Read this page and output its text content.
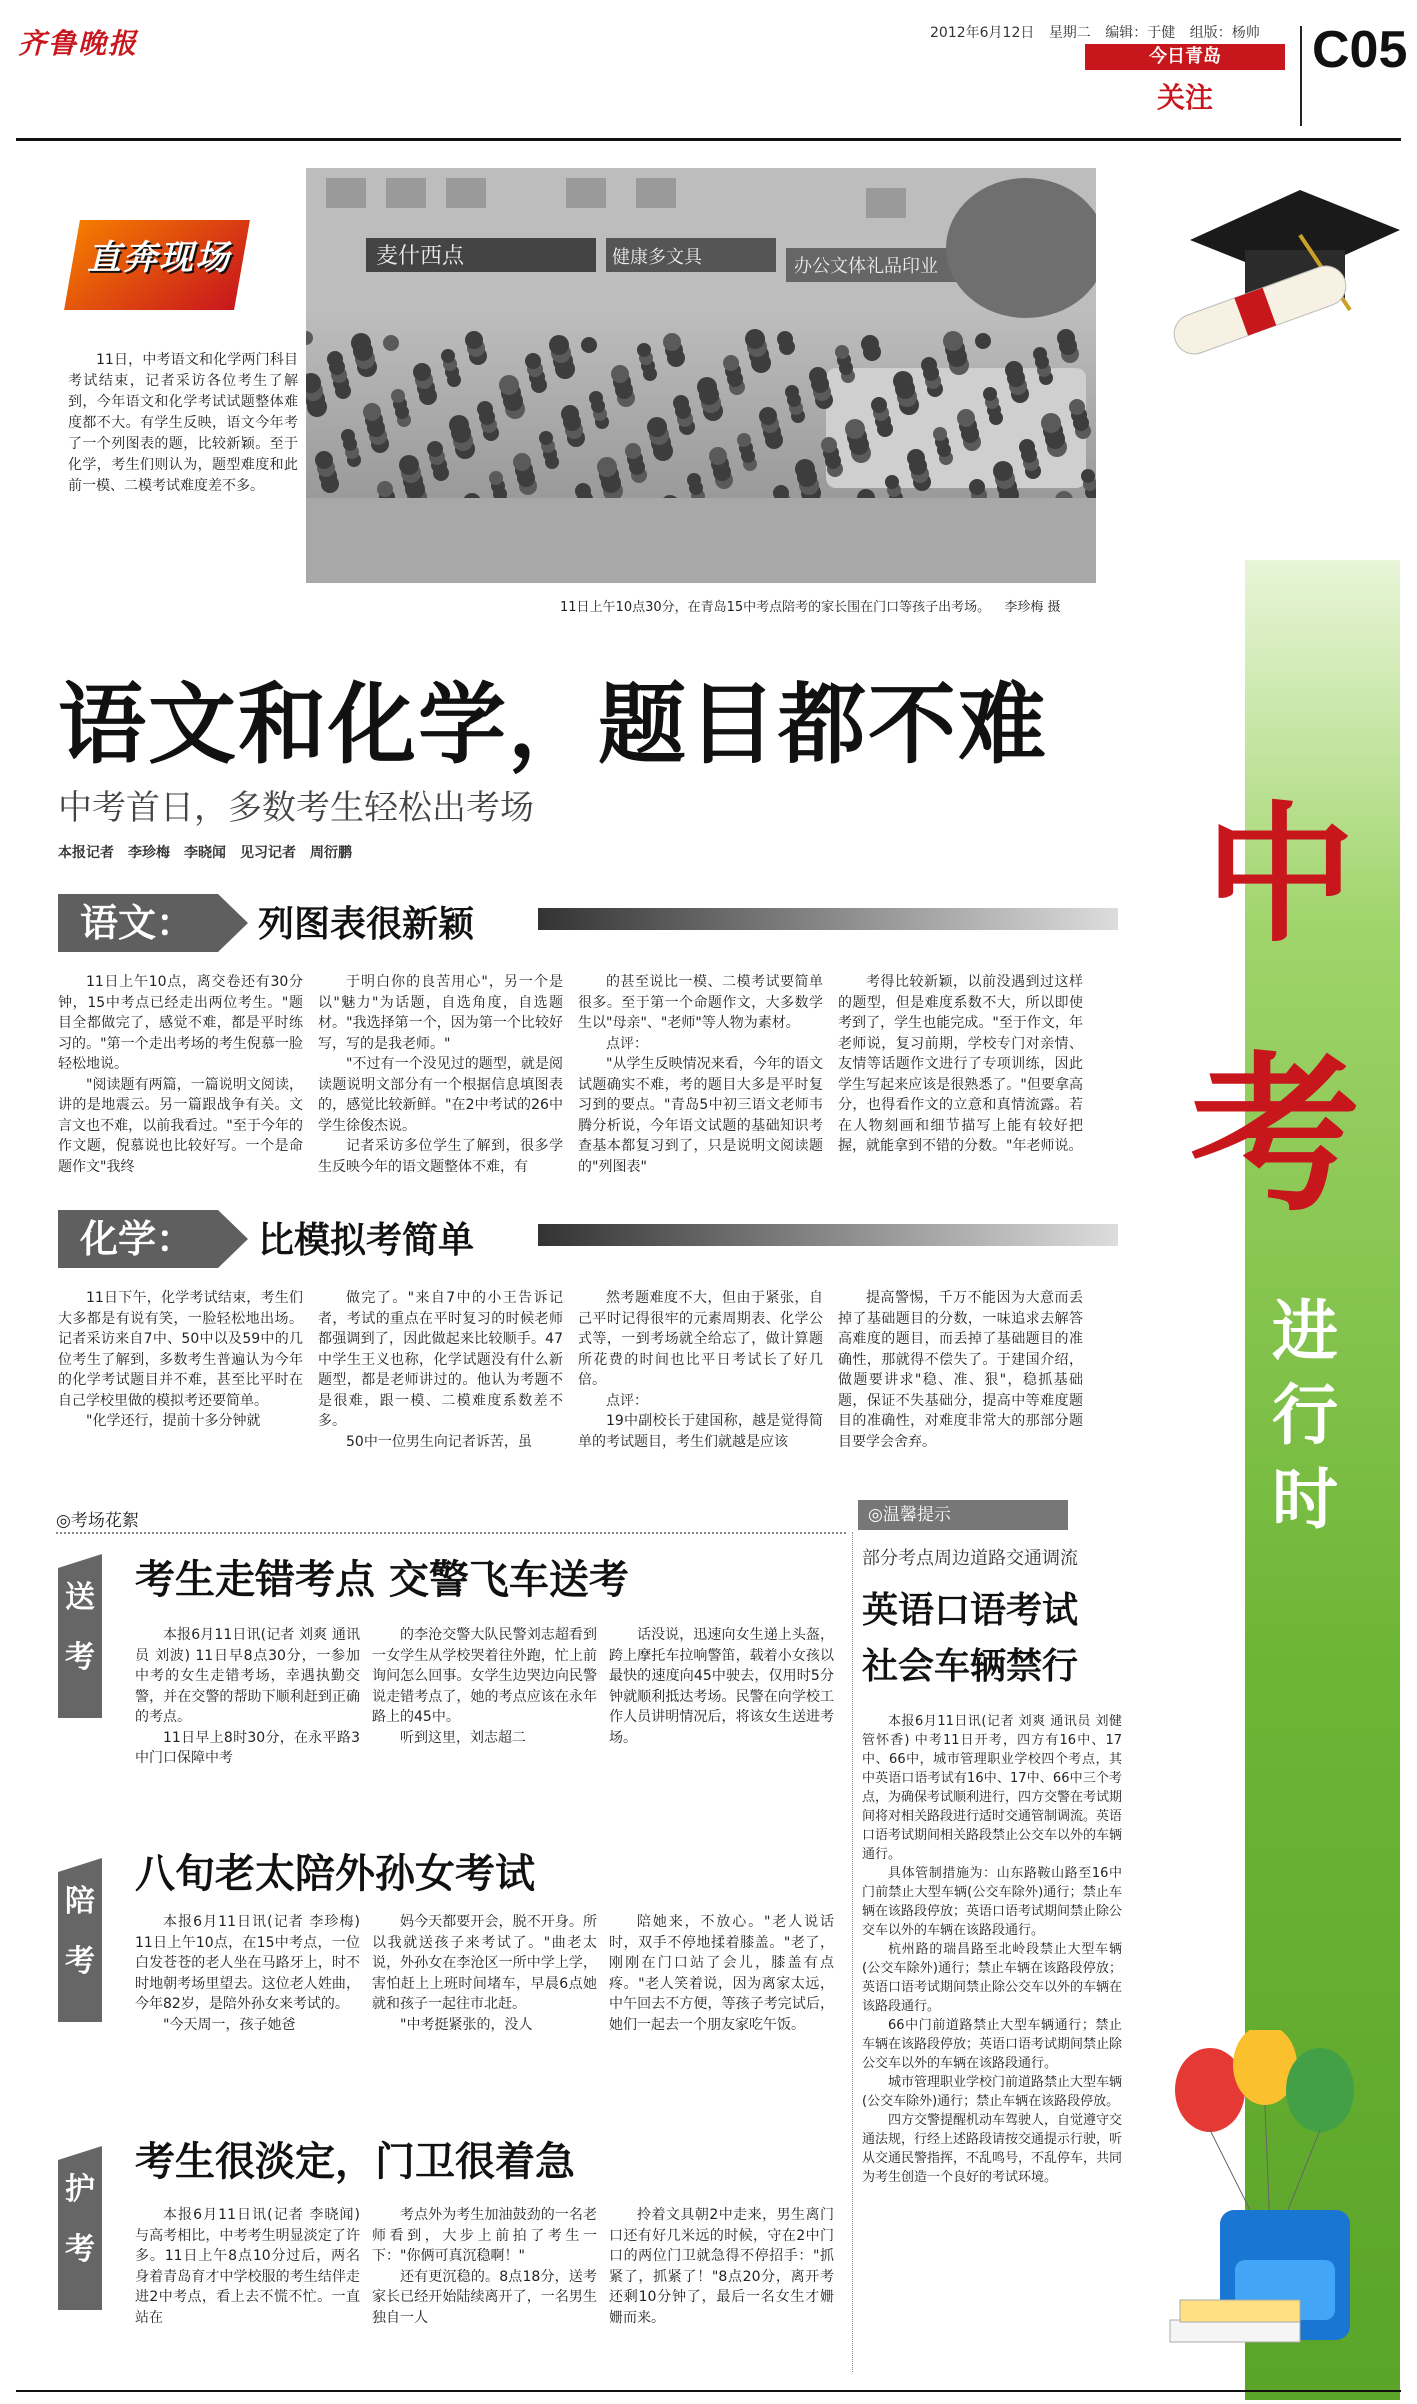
齐鲁晚报	2012年6月12日 星期二 编辑：于健 组版：杨帅
今日青岛
关注
C05
中
考
进
行
时
直奔现场
11日，中考语文和化学两门科目考试结束，记者采访各位考生了解到，今年语文和化学考试试题整体难度都不大。有学生反映，语文今年考了一个列图表的题，比较新颖。至于化学，考生们则认为，题型难度和此前一模、二模考试难度差不多。
麦什西点	健康多文具	办公文体礼品印业
11日上午10点30分，在青岛15中考点陪考的家长围在门口等孩子出考场。 李珍梅 摄
语文和化学，题目都不难
中考首日，多数考生轻松出考场
本报记者　李珍梅　李晓闻　见习记者　周衍鹏
语文：	列图表很新颖

11日上午10点，离交卷还有30分钟，15中考点已经走出两位考生。"题目全都做完了，感觉不难，都是平时练习的。"第一个走出考场的考生倪慕一脸轻松地说。

"阅读题有两篇，一篇说明文阅读，讲的是地震云。另一篇跟战争有关。文言文也不难，以前我看过。"至于今年的作文题，倪慕说也比较好写。一个是命题作文"我终

于明白你的良苦用心"，另一个是以"魅力"为话题，自选角度，自选题材。"我选择第一个，因为第一个比较好写，写的是我老师。"

"不过有一个没见过的题型，就是阅读题说明文部分有一个根据信息填图表的，感觉比较新鲜。"在2中考试的26中学生徐俊杰说。

记者采访多位学生了解到，很多学生反映今年的语文题整体不难，有

的甚至说比一模、二模考试要简单很多。至于第一个命题作文，大多数学生以"母亲"、"老师"等人物为素材。

点评：

"从学生反映情况来看，今年的语文试题确实不难，考的题目大多是平时复习到的要点。"青岛5中初三语文老师韦腾分析说，今年语文试题的基础知识考查基本都复习到了，只是说明文阅读题的"列图表"

考得比较新颖，以前没遇到过这样的题型，但是难度系数不大，所以即使考到了，学生也能完成。"至于作文，年老师说，复习前期，学校专门对亲情、友情等话题作文进行了专项训练，因此学生写起来应该是很熟悉了。"但要拿高分，也得看作文的立意和真情流露。若在人物刻画和细节描写上能有较好把握，就能拿到不错的分数。"年老师说。

化学：	比模拟考简单

11日下午，化学考试结束，考生们大多都是有说有笑，一脸轻松地出场。记者采访来自7中、50中以及59中的几位考生了解到，多数考生普遍认为今年的化学考试题目并不难，甚至比平时在自己学校里做的模拟考还要简单。

"化学还行，提前十多分钟就

做完了。"来自7中的小王告诉记者，考试的重点在平时复习的时候老师都强调到了，因此做起来比较顺手。47中学生王义也称，化学试题没有什么新题型，都是老师讲过的。他认为考题不是很难，跟一模、二模难度系数差不多。

50中一位男生向记者诉苦，虽

然考题难度不大，但由于紧张，自己平时记得很牢的元素周期表、化学公式等，一到考场就全给忘了，做计算题所花费的时间也比平日考试长了好几倍。

点评：

19中副校长于建国称，越是觉得简单的考试题目，考生们就越是应该

提高警惕，千万不能因为大意而丢掉了基础题目的分数，一味追求去解答高难度的题目，而丢掉了基础题目的准确性，那就得不偿失了。于建国介绍，做题要讲求"稳、准、狠"，稳抓基础题，保证不失基础分，提高中等难度题目的准确性，对难度非常大的那部分题目要学会舍弃。

◎考场花絮
送
考
考生走错考点 交警飞车送考

本报6月11日讯(记者 刘爽 通讯员 刘波) 11日早8点30分，一参加中考的女生走错考场，幸遇执勤交警，并在交警的帮助下顺利赶到正确的考点。

11日早上8时30分，在永平路3中门口保障中考

的李沧交警大队民警刘志超看到一女学生从学校哭着往外跑，忙上前询问怎么回事。女学生边哭边向民警说走错考点了，她的考点应该在永年路上的45中。

听到这里，刘志超二

话没说，迅速向女生递上头盔，跨上摩托车拉响警笛，载着小女孩以最快的速度向45中驶去，仅用时5分钟就顺利抵达考场。民警在向学校工作人员讲明情况后，将该女生送进考场。

陪
考
八旬老太陪外孙女考试

本报6月11日讯(记者 李珍梅) 11日上午10点，在15中考点，一位白发苍苍的老人坐在马路牙上，时不时地朝考场里望去。这位老人姓曲，今年82岁，是陪外孙女来考试的。

"今天周一，孩子她爸

妈今天都要开会，脱不开身。所以我就送孩子来考试了。"曲老太说，外孙女在李沧区一所中学上学，害怕赶上上班时间堵车，早晨6点她就和孩子一起往市北赶。

"中考挺紧张的，没人

陪她来，不放心。"老人说话时，双手不停地揉着膝盖。"老了，刚刚在门口站了会儿，膝盖有点疼。"老人笑着说，因为离家太远，中午回去不方便，等孩子考完试后，她们一起去一个朋友家吃午饭。

护
考
考生很淡定，门卫很着急

本报6月11日讯(记者 李晓闻) 与高考相比，中考考生明显淡定了许多。11日上午8点10分过后，两名身着青岛育才中学校服的考生结伴走进2中考点，看上去不慌不忙。一直站在

考点外为考生加油鼓劲的一名老师看到，大步上前拍了考生一下："你俩可真沉稳啊！"

还有更沉稳的。8点18分，送考家长已经开始陆续离开了，一名男生独自一人

拎着文具朝2中走来，男生离门口还有好几米远的时候，守在2中门口的两位门卫就急得不停招手："抓紧了，抓紧了！"8点20分，离开考还剩10分钟了，最后一名女生才姗姗而来。

◎温馨提示
部分考点周边道路交通调流
英语口语考试
社会车辆禁行

本报6月11日讯(记者 刘爽 通讯员 刘健 管怀香) 中考11日开考，四方有16中、17中、66中，城市管理职业学校四个考点，其中英语口语考试有16中、17中、66中三个考点，为确保考试顺利进行，四方交警在考试期间将对相关路段进行适时交通管制调流。英语口语考试期间相关路段禁止公交车以外的车辆通行。

具体管制措施为：山东路鞍山路至16中门前禁止大型车辆(公交车除外)通行；禁止车辆在该路段停放；英语口语考试期间禁止除公交车以外的车辆在该路段通行。

杭州路的瑞昌路至北岭段禁止大型车辆(公交车除外)通行；禁止车辆在该路段停放；英语口语考试期间禁止除公交车以外的车辆在该路段通行。

66中门前道路禁止大型车辆通行；禁止车辆在该路段停放；英语口语考试期间禁止除公交车以外的车辆在该路段通行。

城市管理职业学校门前道路禁止大型车辆(公交车除外)通行；禁止车辆在该路段停放。

四方交警提醒机动车驾驶人，自觉遵守交通法规，行经上述路段请按交通提示行驶，听从交通民警指挥，不乱鸣号，不乱停车，共同为考生创造一个良好的考试环境。
